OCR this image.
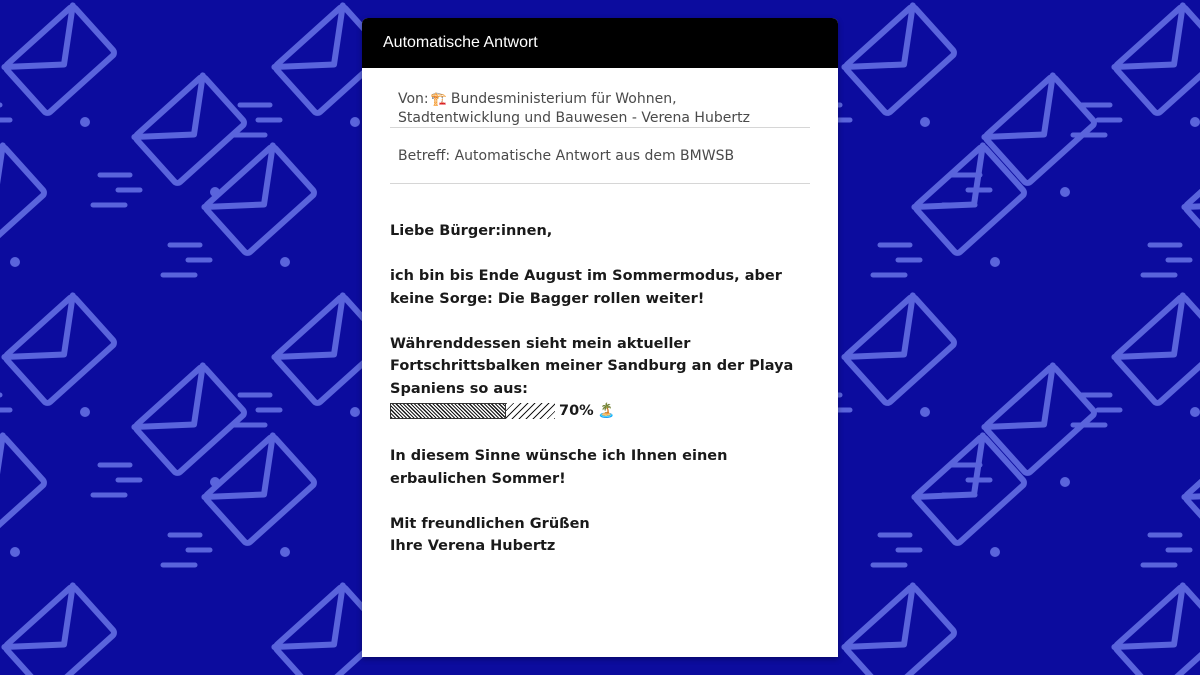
Automatische Antwort
Von: 🏗️ Bundesministerium für Wohnen,
Stadtentwicklung und Bauwesen - Verena Hubertz
Betreff: Automatische Antwort aus dem BMWSB

Liebe Bürger:innen,

ich bin bis Ende August im Sommermodus, aber keine Sorge: Die Bagger rollen weiter!

Währenddessen sieht mein aktueller Fortschrittsbalken meiner Sandburg an der Playa Spaniens so aus:
70% 🏝️

In diesem Sinne wünsche ich Ihnen einen erbaulichen Sommer!

Mit freundlichen Grüßen
Ihre Verena Hubertz
